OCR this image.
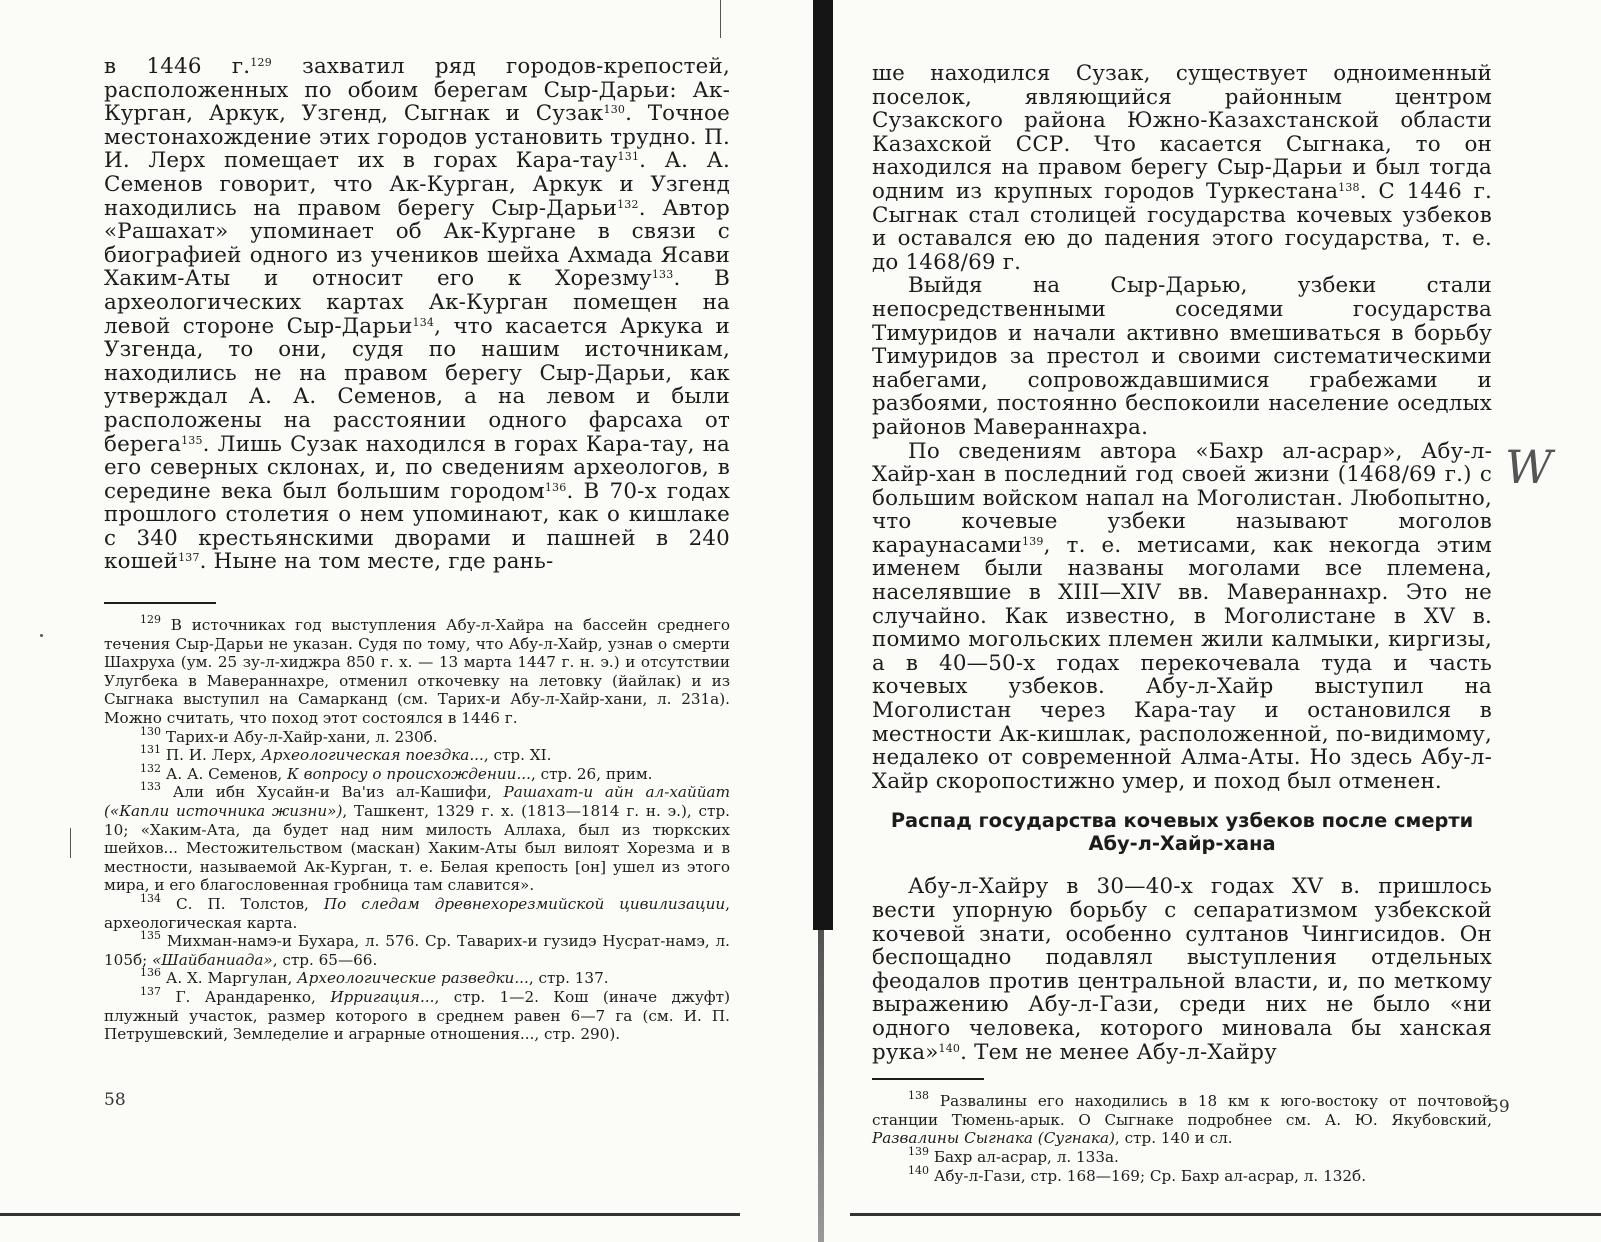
в 1446 г.$^{129}$ захватил ряд городов-крепостей, расположенных по обоим берегам Сыр-Дарьи: Ак-Курган, Аркук, Узгенд, Сыгнак и Сузак$^{130}$. Точное местонахождение этих городов установить трудно. П. И. Лерх помещает их в горах Кара-тау$^{131}$. А. А. Семенов говорит, что Ак-Курган, Аркук и Узгенд находились на правом берегу Сыр-Дарьи$^{132}$. Автор «Рашахат» упоминает об Ак-Кургане в связи с биографией одного из учеников шейха Ахмада Ясави Хаким-Аты и относит его к Хорезму$^{133}$. В археологических картах Ак-Курган помещен на левой стороне Сыр-Дарьи$^{134}$, что касается Аркука и Узгенда, то они, судя по нашим источникам, находились не на правом берегу Сыр-Дарьи, как утверждал А. А. Семенов, а на левом и были расположены на расстоянии одного фарсаха от берега$^{135}$. Лишь Сузак находился в горах Кара-тау, на его северных склонах, и, по сведениям археологов, в середине века был большим городом$^{136}$. В 70-х годах прошлого столетия о нем упоминают, как о кишлаке с 340 крестьянскими дворами и пашней в 240 кошей$^{137}$. Ныне на том месте, где рань-

$^{129}$ В источниках год выступления Абу-л-Хайра на бассейн среднего течения Сыр-Дарьи не указан. Судя по тому, что Абу-л-Хайр, узнав о смерти Шахруха (ум. 25 зу-л-хиджра 850 г. х. — 13 марта 1447 г. н. э.) и отсутствии Улугбека в Мавераннахре, отменил откочевку на летовку (йайлак) и из Сыгнака выступил на Самарканд (см. Тарих-и Абу-л-Хайр-хани, л. 231а). Можно считать, что поход этот состоялся в 1446 г.

$^{130}$ Тарих-и Абу-л-Хайр-хани, л. 230б.

$^{131}$ П. И. Лерх, Археологическая поездка..., стр. XI.

$^{132}$ А. А. Семенов, К вопросу о происхождении..., стр. 26, прим.

$^{133}$ Али ибн Хусайн-и Ва'из ал-Кашифи, Рашахат-и айн ал-хаййат («Капли источника жизни»), Ташкент, 1329 г. х. (1813—1814 г. н. э.), стр. 10; «Хаким-Ата, да будет над ним милость Аллаха, был из тюркских шейхов... Местожительством (маскан) Хаким-Аты был вилоят Хорезма и в местности, называемой Ак-Курган, т. е. Белая крепость [он] ушел из этого мира, и его благословенная гробница там славится».

$^{134}$ С. П. Толстов, По следам древнехорезмийской цивилизации, археологическая карта.

$^{135}$ Михман-намэ-и Бухара, л. 576. Ср. Таварих-и гузидэ Нусрат-намэ, л. 105б; «Шайбаниада», стр. 65—66.

$^{136}$ А. Х. Маргулан, Археологические разведки..., стр. 137.

$^{137}$ Г. Арандаренко, Ирригация..., стр. 1—2. Кош (иначе джуфт) плужный участок, размер которого в среднем равен 6—7 га (см. И. П. Петрушевский, Земледелие и аграрные отношения..., стр. 290).

58

ше находился Сузак, существует одноименный поселок, являющийся районным центром Сузакского района Южно-Казахстанской области Казахской ССР. Что касается Сыгнака, то он находился на правом берегу Сыр-Дарьи и был тогда одним из крупных городов Туркестана$^{138}$. С 1446 г. Сыгнак стал столицей государства кочевых узбеков и оставался ею до падения этого государства, т. е. до 1468/69 г.

Выйдя на Сыр-Дарью, узбеки стали непосредственными соседями государства Тимуридов и начали активно вмешиваться в борьбу Тимуридов за престол и своими систематическими набегами, сопровождавшимися грабежами и разбоями, постоянно беспокоили население оседлых районов Мавераннахра.

По сведениям автора «Бахр ал-асрар», Абу-л-Хайр-хан в последний год своей жизни (1468/69 г.) с большим войском напал на Моголистан. Любопытно, что кочевые узбеки называют моголов караунасами$^{139}$, т. е. метисами, как некогда этим именем были названы моголами все племена, населявшие в XIII—XIV вв. Мавераннахр. Это не случайно. Как известно, в Моголистане в XV в. помимо могольских племен жили калмыки, киргизы, а в 40—50-х годах перекочевала туда и часть кочевых узбеков. Абу-л-Хайр выступил на Моголистан через Кара-тау и остановился в местности Ак-кишлак, расположенной, по-видимому, недалеко от современной Алма-Аты. Но здесь Абу-л-Хайр скоропостижно умер, и поход был отменен.

Распад государства кочевых узбеков после смерти Абу-л-Хайр-хана

Абу-л-Хайру в 30—40-х годах XV в. пришлось вести упорную борьбу с сепаратизмом узбекской кочевой знати, особенно султанов Чингисидов. Он беспощадно подавлял выступления отдельных феодалов против центральной власти, и, по меткому выражению Абу-л-Гази, среди них не было «ни одного человека, которого миновала бы ханская рука»$^{140}$. Тем не менее Абу-л-Хайру

$^{138}$ Развалины его находились в 18 км к юго-востоку от почтовой станции Тюмень-арык. О Сыгнаке подробнее см. А. Ю. Якубовский, Развалины Сыгнака (Сугнака), стр. 140 и сл.

$^{139}$ Бахр ал-асрар, л. 133а.

$^{140}$ Абу-л-Гази, стр. 168—169; Ср. Бахр ал-асрар, л. 132б.

59
W
